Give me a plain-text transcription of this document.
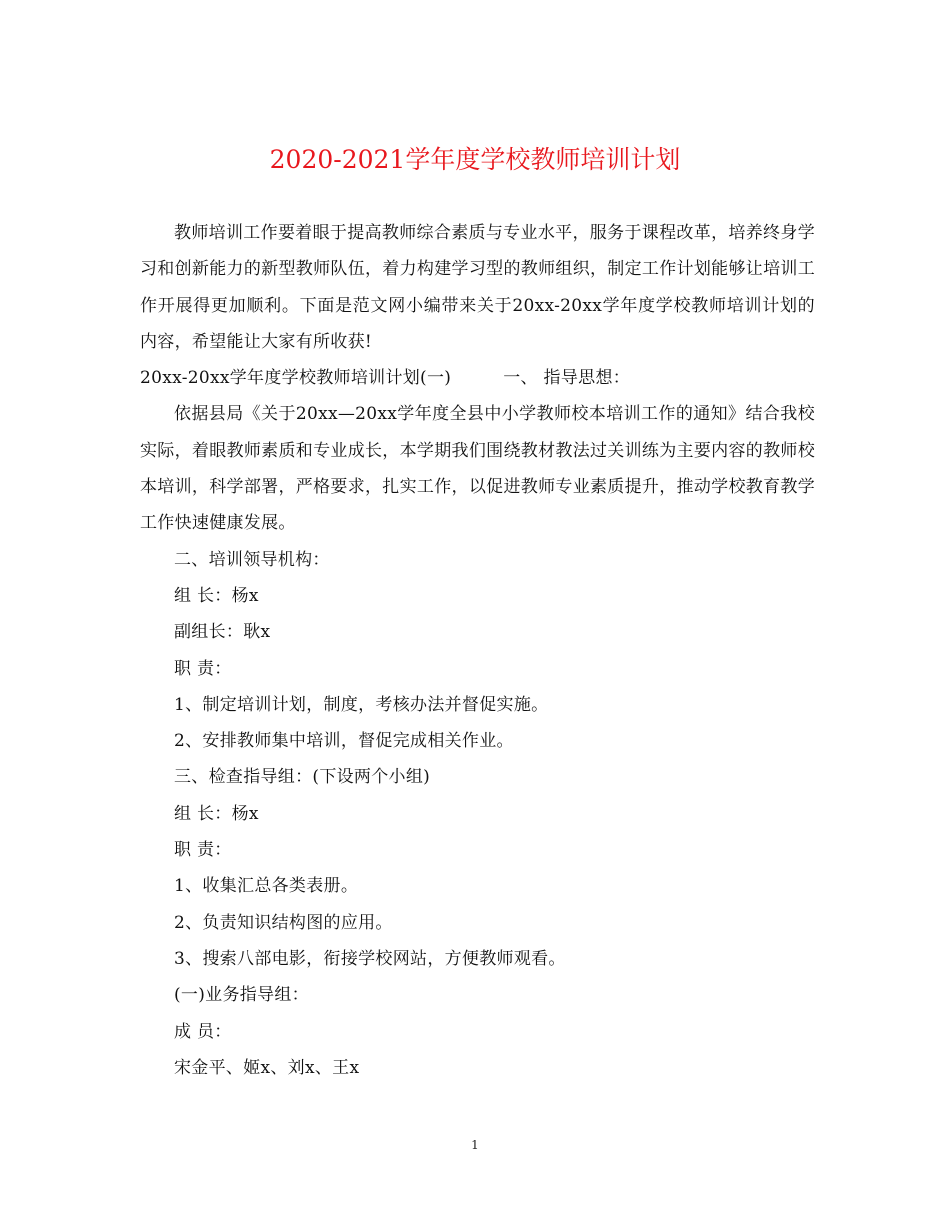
2020-2021学年度学校教师培训计划

教师培训工作要着眼于提高教师综合素质与专业水平，服务于课程改革，培养终身学习和创新能力的新型教师队伍，着力构建学习型的教师组织，制定工作计划能够让培训工作开展得更加顺利。下面是范文网小编带来关于20xx-20xx学年度学校教师培训计划的内容，希望能让大家有所收获!

20xx-20xx学年度学校教师培训计划(一)	一、 指导思想：

依据县局《关于20xx—20xx学年度全县中小学教师校本培训工作的通知》结合我校实际，着眼教师素质和专业成长，本学期我们围绕教材教法过关训练为主要内容的教师校本培训，科学部署，严格要求，扎实工作，以促进教师专业素质提升，推动学校教育教学工作快速健康发展。

二、培训领导机构：

组 长：杨x

副组长：耿x

职 责：

1、制定培训计划，制度，考核办法并督促实施。

2、安排教师集中培训，督促完成相关作业。

三、检查指导组：(下设两个小组)

组 长：杨x

职 责：

1、收集汇总各类表册。

2、负责知识结构图的应用。

3、搜索八部电影，衔接学校网站，方便教师观看。

(一)业务指导组：

成 员：

宋金平、姬x、刘x、王x

1
